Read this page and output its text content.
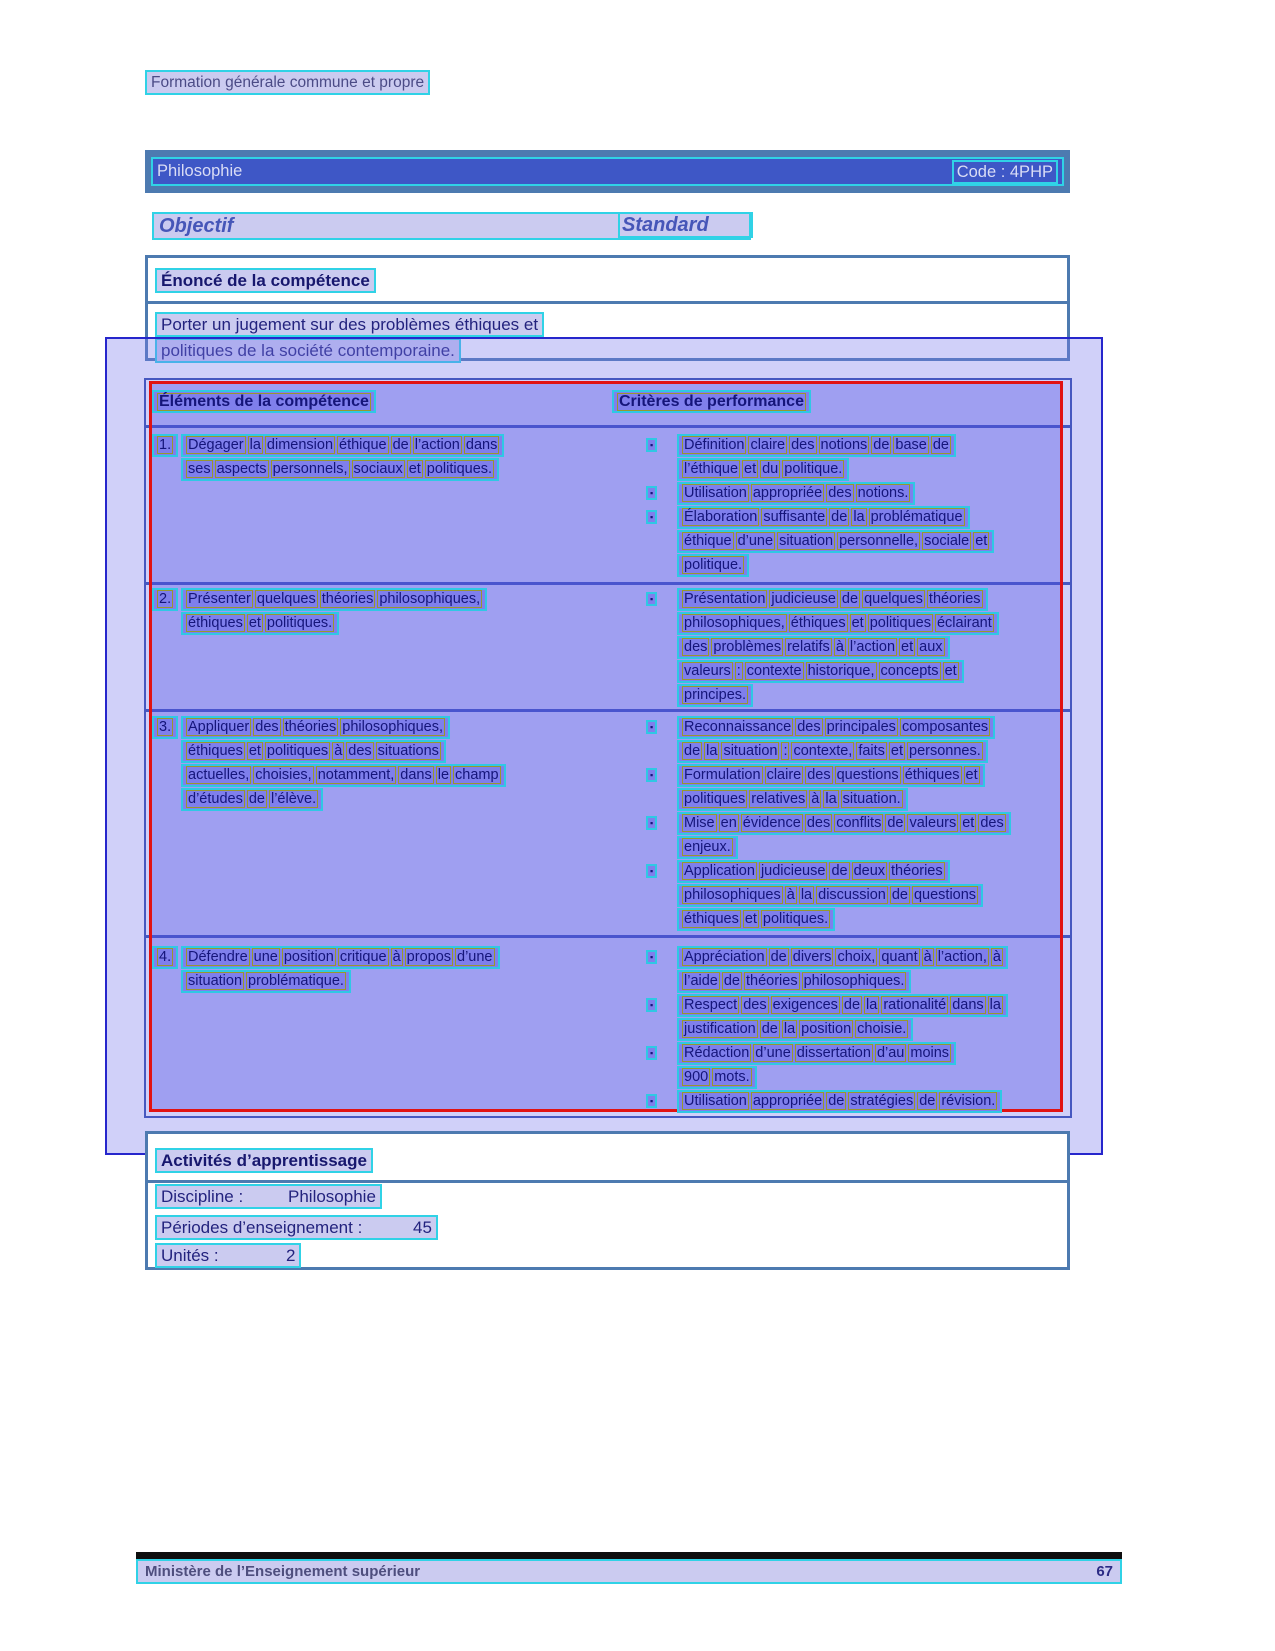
Formation générale commune et propre
Philosophie	Code : 4PHP
Objectif	Standard
Énoncé de la compétence
Porter un jugement sur des problèmes éthiques et
politiques de la société contemporaine.
Éléments de la compétence	Critères de performance
1.	Dégager la dimension éthique de l’action dans
ses aspects personnels, sociaux et politiques.
▪	Définition claire des notions de base de
l’éthique et du politique.
▪	Utilisation appropriée des notions.
▪	Élaboration suffisante de la problématique
éthique d’une situation personnelle, sociale et
politique.
2.	Présenter quelques théories philosophiques,
éthiques et politiques.
▪	Présentation judicieuse de quelques théories
philosophiques, éthiques et politiques éclairant
des problèmes relatifs à l’action et aux
valeurs : contexte historique, concepts et
principes.
3.	Appliquer des théories philosophiques,
éthiques et politiques à des situations
actuelles, choisies, notamment, dans le champ
d’études de l’élève.
▪	Reconnaissance des principales composantes
de la situation : contexte, faits et personnes.
▪	Formulation claire des questions éthiques et
politiques relatives à la situation.
▪	Mise en évidence des conflits de valeurs et des
enjeux.
▪	Application judicieuse de deux théories
philosophiques à la discussion de questions
éthiques et politiques.
4.	Défendre une position critique à propos d’une
situation problématique.
▪	Appréciation de divers choix, quant à l’action, à
l’aide de théories philosophiques.
▪	Respect des exigences de la rationalité dans la
justification de la position choisie.
▪	Rédaction d’une dissertation d’au moins
900 mots.
▪	Utilisation appropriée de stratégies de révision.
Activités d’apprentissage
Discipline :	Philosophie
Périodes d’enseignement :	45
Unités :	2
Ministère de l’Enseignement supérieur	67
